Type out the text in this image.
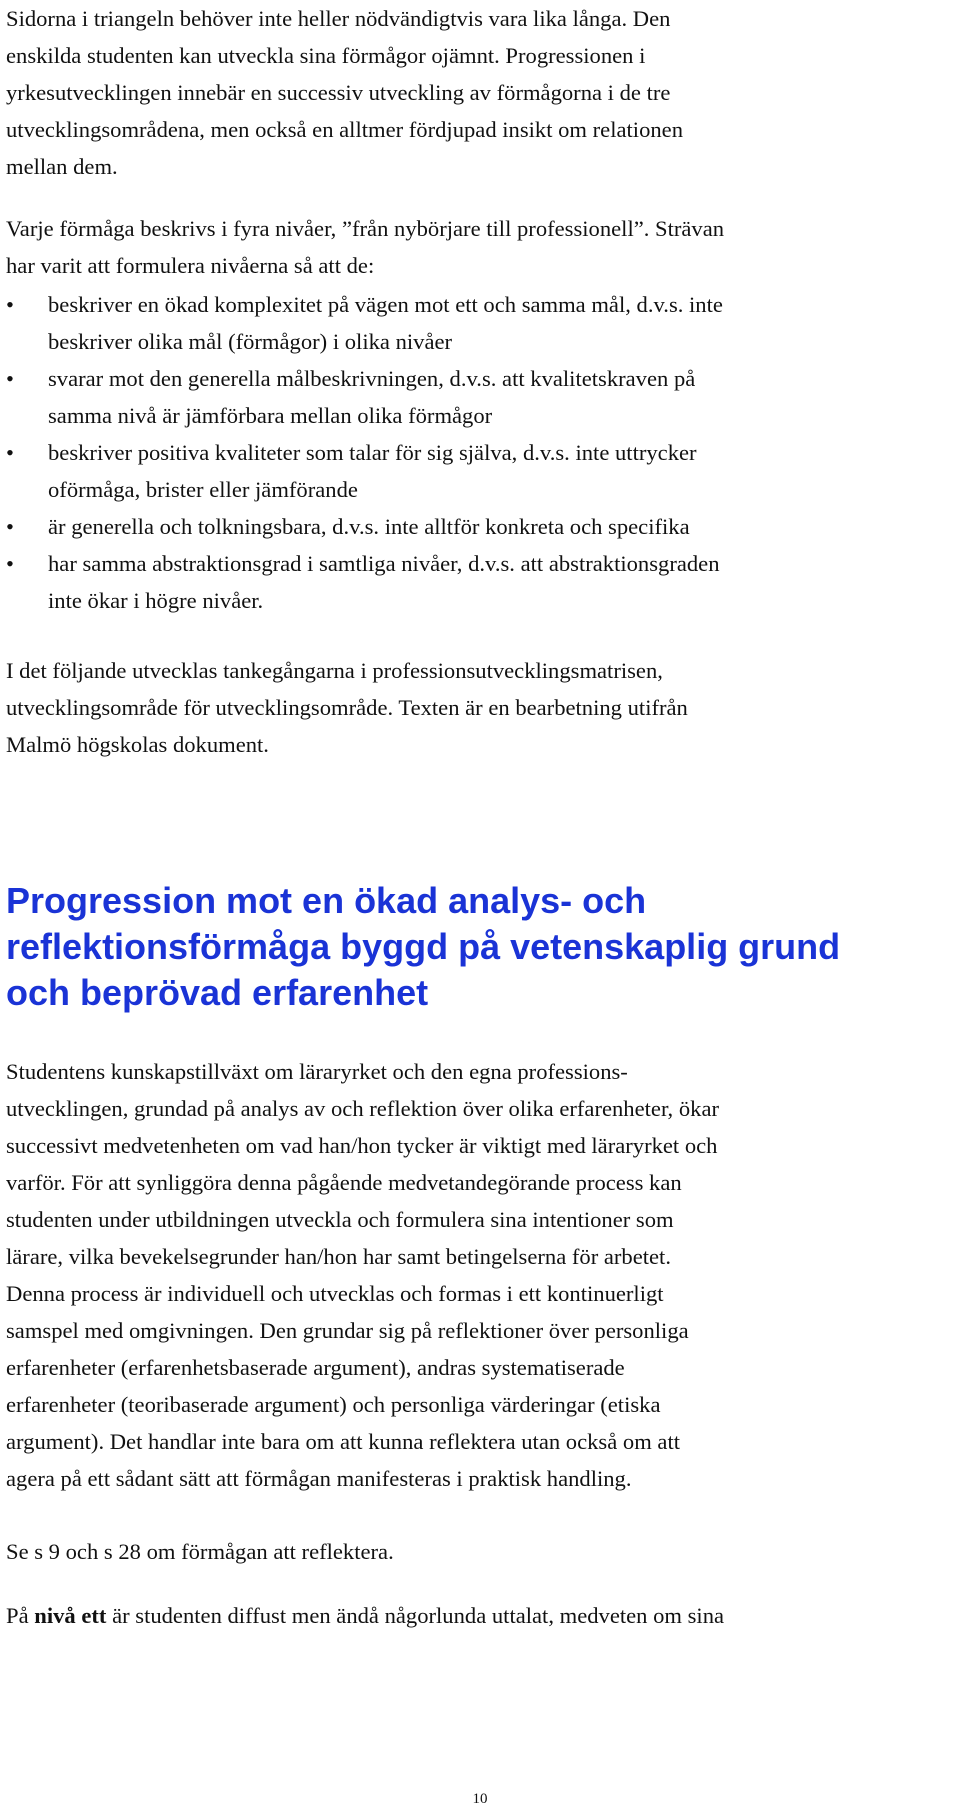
Sidorna i triangeln behöver inte heller nödvändigtvis vara lika långa. Den
enskilda studenten kan utveckla sina förmågor ojämnt. Progressionen i
yrkesutvecklingen innebär en successiv utveckling av förmågorna i de tre
utvecklingsområdena, men också en alltmer fördjupad insikt om relationen
mellan dem.

Varje förmåga beskrivs i fyra nivåer, ”från nybörjare till professionell”. Strävan
har varit att formulera nivåerna så att de:

• beskriver en ökad komplexitet på vägen mot ett och samma mål, d.v.s. inte
beskriver olika mål (förmågor) i olika nivåer
• svarar mot den generella målbeskrivningen, d.v.s. att kvalitetskraven på
samma nivå är jämförbara mellan olika förmågor
• beskriver positiva kvaliteter som talar för sig själva, d.v.s. inte uttrycker
oförmåga, brister eller jämförande
• är generella och tolkningsbara, d.v.s. inte alltför konkreta och specifika
• har samma abstraktionsgrad i samtliga nivåer, d.v.s. att abstraktionsgraden
inte ökar i högre nivåer.

I det följande utvecklas tankegångarna i professionsutvecklingsmatrisen,
utvecklingsområde för utvecklingsområde. Texten är en bearbetning utifrån
Malmö högskolas dokument.

Progression mot en ökad analys- och
reflektionsförmåga byggd på vetenskaplig grund
och beprövad erfarenhet

Studentens kunskapstillväxt om läraryrket och den egna professions-
utvecklingen, grundad på analys av och reflektion över olika erfarenheter, ökar
successivt medvetenheten om vad han/hon tycker är viktigt med läraryrket och
varför. För att synliggöra denna pågående medvetandegörande process kan
studenten under utbildningen utveckla och formulera sina intentioner som
lärare, vilka bevekelsegrunder han/hon har samt betingelserna för arbetet.
Denna process är individuell och utvecklas och formas i ett kontinuerligt
samspel med omgivningen. Den grundar sig på reflektioner över personliga
erfarenheter (erfarenhetsbaserade argument), andras systematiserade
erfarenheter (teoribaserade argument) och personliga värderingar (etiska
argument). Det handlar inte bara om att kunna reflektera utan också om att
agera på ett sådant sätt att förmågan manifesteras i praktisk handling.

Se s 9 och s 28 om förmågan att reflektera.

På nivå ett är studenten diffust men ändå någorlunda uttalat, medveten om sina

10
